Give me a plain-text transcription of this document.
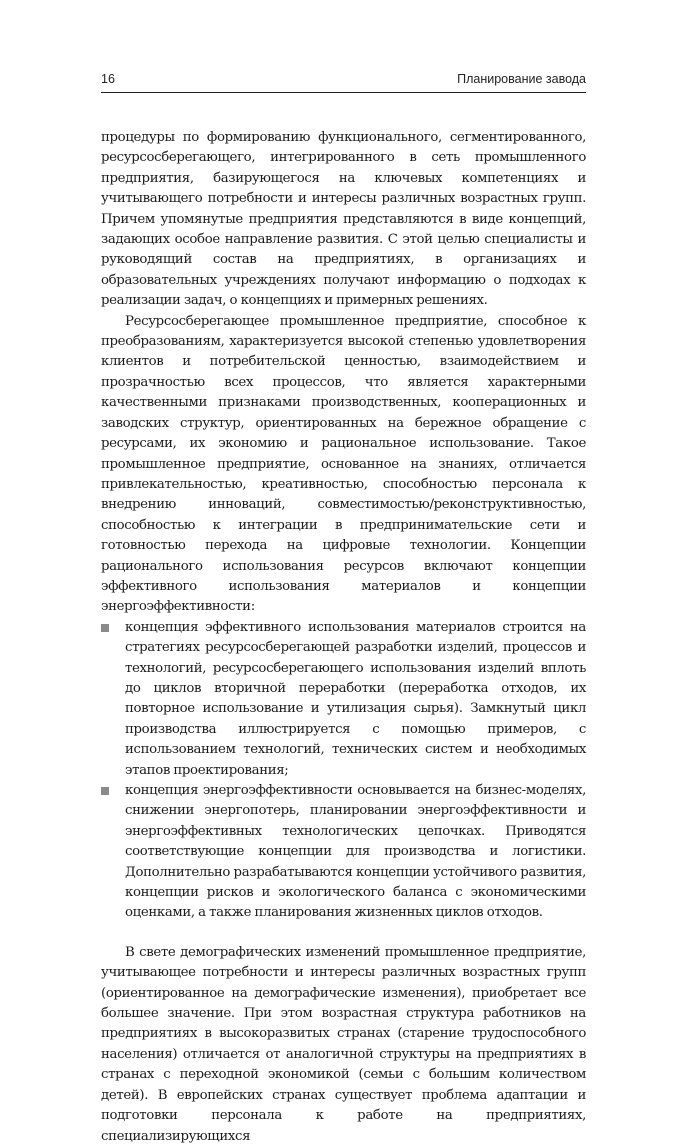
16	Планирование завода

процедуры по формированию функционального, сегментированного, ресурсосберегающего, интегрированного в сеть промышленного предприятия, базирующегося на ключевых компетенциях и учитывающего потребности и интересы различных возрастных групп. Причем упомянутые предприятия представляются в виде концепций, задающих особое направление развития. С этой целью специалисты и руководящий состав на предприятиях, в организациях и образовательных учреждениях получают информацию о подходах к реализации задач, о концепциях и примерных решениях.

Ресурсосберегающее промышленное предприятие, способное к преобразованиям, характеризуется высокой степенью удовлетворения клиентов и потребительской ценностью, взаимодействием и прозрачностью всех процессов, что является характерными качественными признаками производственных, кооперационных и заводских структур, ориентированных на бережное обращение с ресурсами, их экономию и рациональное использование. Такое промышленное предприятие, основанное на знаниях, отличается привлекательностью, креативностью, способностью персонала к внедрению инноваций, совместимостью/реконструктивностью, способностью к интеграции в предпринимательские сети и готовностью перехода на цифровые технологии. Концепции рационального использования ресурсов включают концепции эффективного использования материалов и концепции энергоэффективности:

концепция эффективного использования материалов строится на стратегиях ресурсосберегающей разработки изделий, процессов и технологий, ресурсосберегающего использования изделий вплоть до циклов вторичной переработки (переработка отходов, их повторное использование и утилизация сырья). Замкнутый цикл производства иллюстрируется с помощью примеров, с использованием технологий, технических систем и необходимых этапов проектирования;
концепция энергоэффективности основывается на бизнес-моделях, снижении энергопотерь, планировании энергоэффективности и энергоэффективных технологических цепочках. Приводятся соответствующие концепции для производства и логистики. Дополнительно разрабатываются концепции устойчивого развития, концепции рисков и экологического баланса с экономическими оценками, а также планирования жизненных циклов отходов.

В свете демографических изменений промышленное предприятие, учитывающее потребности и интересы различных возрастных групп (ориентированное на демографические изменения), приобретает все большее значение. При этом возрастная структура работников на предприятиях в высокоразвитых странах (старение трудоспособного населения) отличается от аналогичной структуры на предприятиях в странах с переходной экономикой (семьи с большим количеством детей). В европейских странах существует проблема адаптации и подготовки персонала к работе на предприятиях, специализирующихся
